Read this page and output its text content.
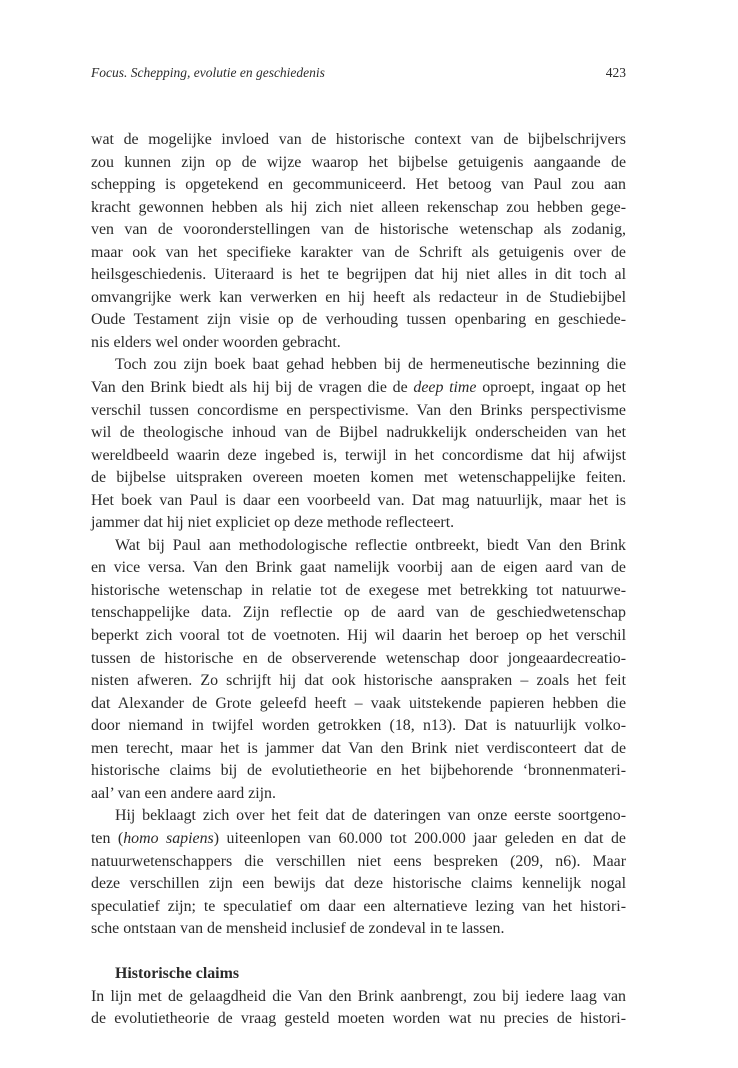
Focus. Schepping, evolutie en geschiedenis	423
wat de mogelijke invloed van de historische context van de bijbelschrijvers
zou kunnen zijn op de wijze waarop het bijbelse getuigenis aangaande de
schepping is opgetekend en gecommuniceerd. Het betoog van Paul zou aan
kracht gewonnen hebben als hij zich niet alleen rekenschap zou hebben gege-
ven van de vooronderstellingen van de historische wetenschap als zodanig,
maar ook van het specifieke karakter van de Schrift als getuigenis over de
heilsgeschiedenis. Uiteraard is het te begrijpen dat hij niet alles in dit toch al
omvangrijke werk kan verwerken en hij heeft als redacteur in de Studiebijbel
Oude Testament zijn visie op de verhouding tussen openbaring en geschiede-
nis elders wel onder woorden gebracht.
Toch zou zijn boek baat gehad hebben bij de hermeneutische bezinning die
Van den Brink biedt als hij bij de vragen die de deep time oproept, ingaat op het
verschil tussen concordisme en perspectivisme. Van den Brinks perspectivisme
wil de theologische inhoud van de Bijbel nadrukkelijk onderscheiden van het
wereldbeeld waarin deze ingebed is, terwijl in het concordisme dat hij afwijst
de bijbelse uitspraken overeen moeten komen met wetenschappelijke feiten.
Het boek van Paul is daar een voorbeeld van. Dat mag natuurlijk, maar het is
jammer dat hij niet expliciet op deze methode reflecteert.
Wat bij Paul aan methodologische reflectie ontbreekt, biedt Van den Brink
en vice versa. Van den Brink gaat namelijk voorbij aan de eigen aard van de
historische wetenschap in relatie tot de exegese met betrekking tot natuurwe-
tenschappelijke data. Zijn reflectie op de aard van de geschiedwetenschap
beperkt zich vooral tot de voetnoten. Hij wil daarin het beroep op het verschil
tussen de historische en de observerende wetenschap door jongeaardecreatio-
nisten afweren. Zo schrijft hij dat ook historische aanspraken – zoals het feit
dat Alexander de Grote geleefd heeft – vaak uitstekende papieren hebben die
door niemand in twijfel worden getrokken (18, n13). Dat is natuurlijk volko-
men terecht, maar het is jammer dat Van den Brink niet verdisconteert dat de
historische claims bij de evolutietheorie en het bijbehorende ‘bronnenmateri-
aal’ van een andere aard zijn.
Hij beklaagt zich over het feit dat de dateringen van onze eerste soortgeno-
ten (homo sapiens) uiteenlopen van 60.000 tot 200.000 jaar geleden en dat de
natuurwetenschappers die verschillen niet eens bespreken (209, n6). Maar
deze verschillen zijn een bewijs dat deze historische claims kennelijk nogal
speculatief zijn; te speculatief om daar een alternatieve lezing van het histori-
sche ontstaan van de mensheid inclusief de zondeval in te lassen.
Historische claims
In lijn met de gelaagdheid die Van den Brink aanbrengt, zou bij iedere laag van
de evolutietheorie de vraag gesteld moeten worden wat nu precies de histori-
